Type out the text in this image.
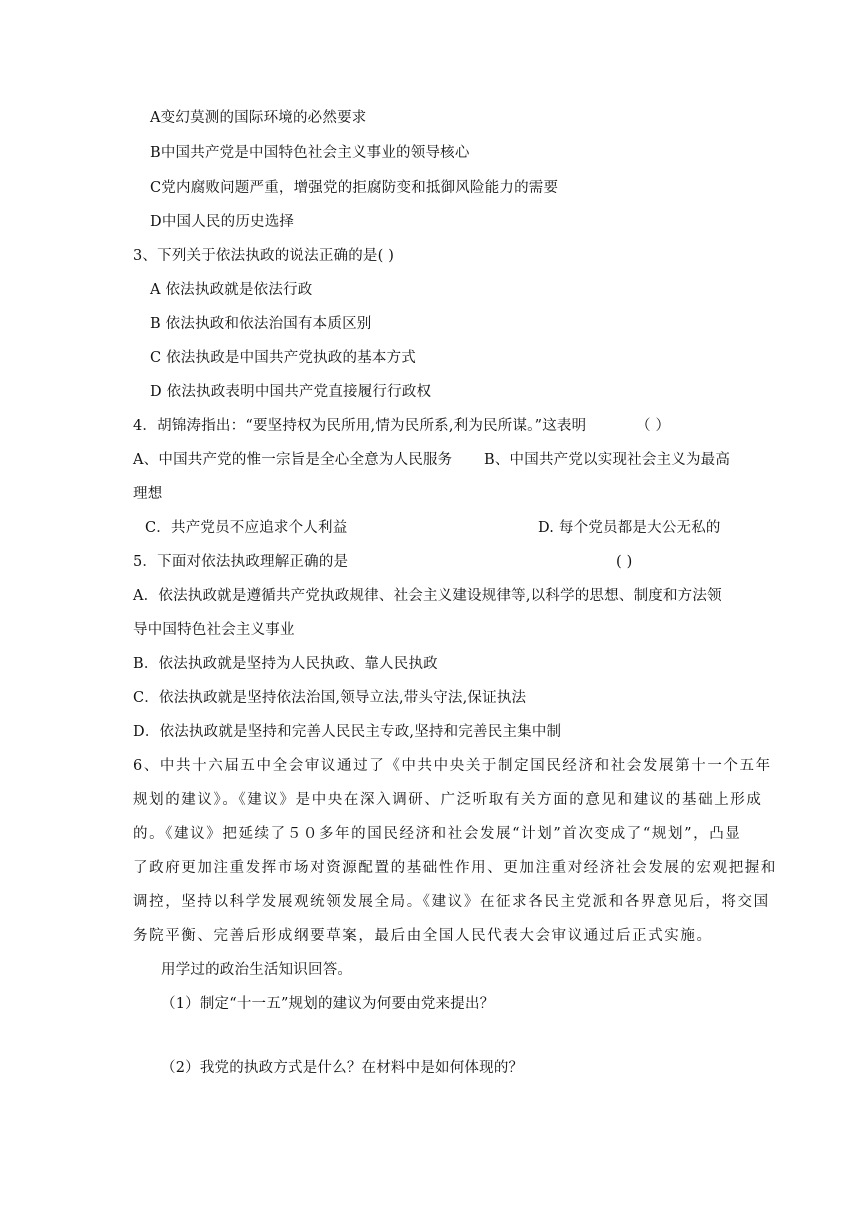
A变幻莫测的国际环境的必然要求
B中国共产党是中国特色社会主义事业的领导核心
C党内腐败问题严重，增强党的拒腐防变和抵御风险能力的需要
D中国人民的历史选择
3、下列关于依法执政的说法正确的是( )
A 依法执政就是依法行政
B 依法执政和依法治国有本质区别
C 依法执政是中国共产党执政的基本方式
D 依法执政表明中国共产党直接履行行政权
4．胡锦涛指出：“要坚持权为民所用,情为民所系,利为民所谋。”这表明	（ ）
A、中国共产党的惟一宗旨是全心全意为人民服务 B、中国共产党以实现社会主义为最高
理想
C．共产党员不应追求个人利益	D. 每个党员都是大公无私的
5．下面对依法执政理解正确的是	( )
A．依法执政就是遵循共产党执政规律、社会主义建设规律等,以科学的思想、制度和方法领
导中国特色社会主义事业
B．依法执政就是坚持为人民执政、靠人民执政
C．依法执政就是坚持依法治国,领导立法,带头守法,保证执法
D．依法执政就是坚持和完善人民民主专政,坚持和完善民主集中制
6、中共十六届五中全会审议通过了《中共中央关于制定国民经济和社会发展第十一个五年
规划的建议》。《建议》是中央在深入调研、广泛听取有关方面的意见和建议的基础上形成
的。《建议》把延续了５０多年的国民经济和社会发展“计划”首次变成了“规划”，凸显
了政府更加注重发挥市场对资源配置的基础性作用、更加注重对经济社会发展的宏观把握和
调控，坚持以科学发展观统领发展全局。《建议》在征求各民主党派和各界意见后，将交国
务院平衡、完善后形成纲要草案，最后由全国人民代表大会审议通过后正式实施。
用学过的政治生活知识回答。
（1）制定“十一五”规划的建议为何要由党来提出？
（2）我党的执政方式是什么？在材料中是如何体现的？
